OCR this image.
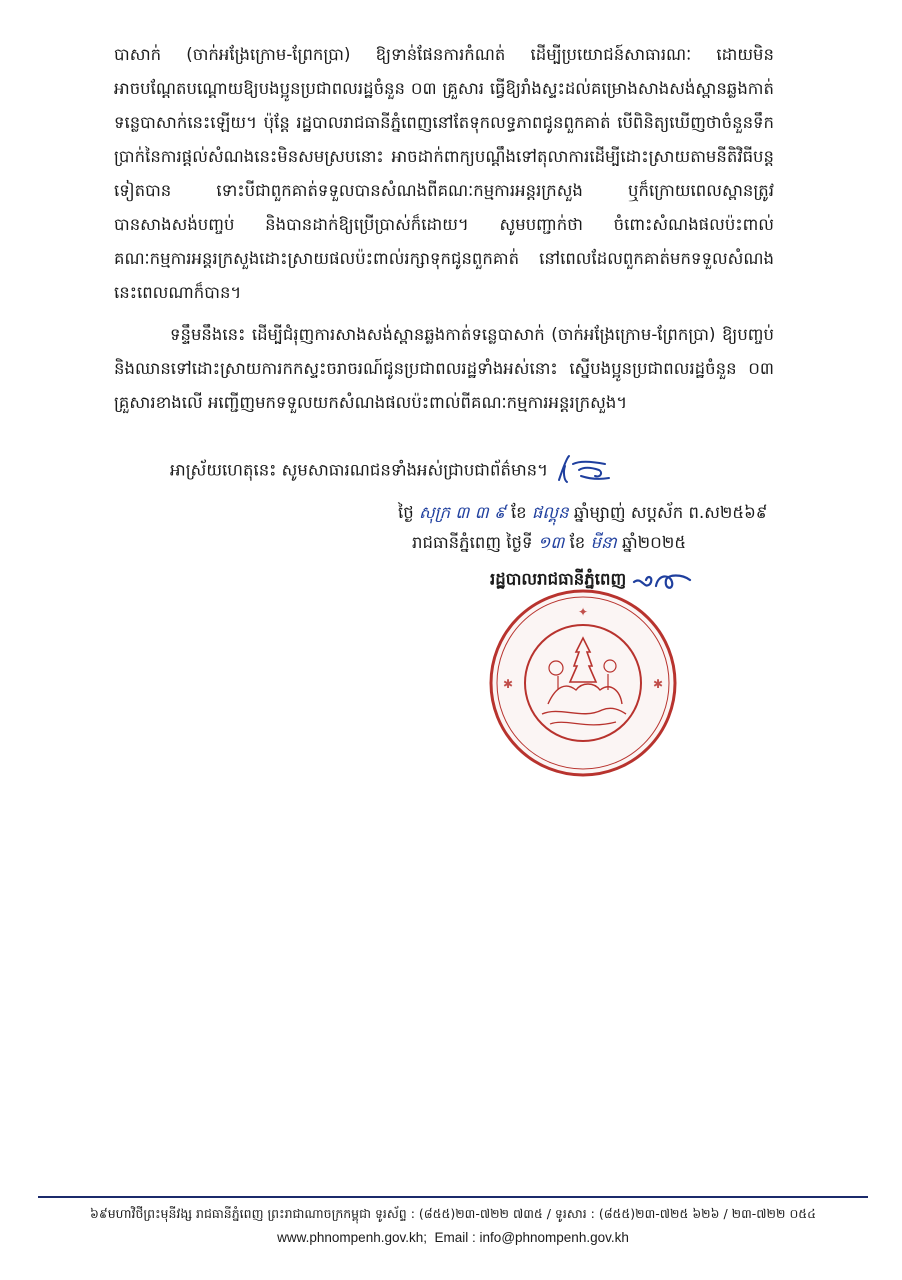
បាសាក់ (ចាក់អង្រែក្រោម-ព្រែកប្រា) ឱ្យទាន់ផែនការកំណត់ ដើម្បីប្រយោជន៍សាធារណៈ ដោយមិនអាចបណ្តែតបណ្តោយឱ្យបងប្អូនប្រជាពលរដ្ឋចំនួន ០៣ គ្រួសារ ធ្វើឱ្យរាំងស្ទះដល់គម្រោងសាងសង់ស្ពានឆ្លងកាត់ទន្លេបាសាក់នេះឡើយ។ ប៉ុន្តែ រដ្ឋបាលរាជធានីភ្នំពេញនៅតែទុកលទ្ធភាពជូនពួកគាត់ បើពិនិត្យឃើញថាចំនួនទឹកប្រាក់នៃការផ្តល់សំណងនេះមិនសមស្របនោះ អាចដាក់ពាក្យបណ្តឹងទៅតុលាការដើម្បីដោះស្រាយតាមនីតិវិធីបន្តទៀតបាន ទោះបីជាពួកគាត់ទទួលបានសំណងពីគណៈកម្មការអន្តរក្រសួង ឬក៏ក្រោយពេលស្ពានត្រូវបានសាងសង់បញ្ចប់ និងបានដាក់ឱ្យប្រើប្រាស់ក៏ដោយ។ សូមបញ្ជាក់ថា ចំពោះសំណងផលប៉ះពាល់ គណៈកម្មការអន្តរក្រសួងដោះស្រាយផលប៉ះពាល់រក្សាទុកជូនពួកគាត់ នៅពេលដែលពួកគាត់មកទទួលសំណងនេះពេលណាក៏បាន។

ទន្ទឹមនឹងនេះ ដើម្បីជំរុញការសាងសង់ស្ពានឆ្លងកាត់ទន្លេបាសាក់ (ចាក់អង្រែក្រោម-ព្រែកប្រា) ឱ្យបញ្ចប់ និងឈានទៅដោះស្រាយការកកស្ទះចរាចរណ៍ជូនប្រជាពលរដ្ឋទាំងអស់នោះ ស្នើបងប្អូនប្រជាពលរដ្ឋចំនួន ០៣ គ្រួសារខាងលើ អញ្ជើញមកទទួលយកសំណងផលប៉ះពាល់ពីគណៈកម្មការអន្តរក្រសួង។

អាស្រ័យហេតុនេះ សូមសាធារណជនទាំងអស់ជ្រាបជាព័ត៌មាន។
ថ្ងៃ សុក្រ ៣ ៣ ៩ ខែ ផល្គុន ឆ្នាំម្សាញ់ សប្តស័ក ព.ស២៥៦៩
រាជធានីភ្នំពេញ ថ្ងៃទី ១៣ ខែ មីនា ឆ្នាំ២០២៥
រដ្ឋបាលរាជធានីភ្នំពេញ
✦
✱	✱
៦៩មហាវិថីព្រះមុនីវង្ស រាជធានីភ្នំពេញ ព្រះរាជាណាចក្រកម្ពុជា ទូរស័ព្ទ : (៨៥៥)២៣-៧២២ ៧៣៥ / ទូរសារ : (៨៥៥)២៣-៧២៥ ៦២៦ / ២៣-៧២២ ០៥៤
www.phnompenh.gov.kh;  Email : info@phnompenh.gov.kh
